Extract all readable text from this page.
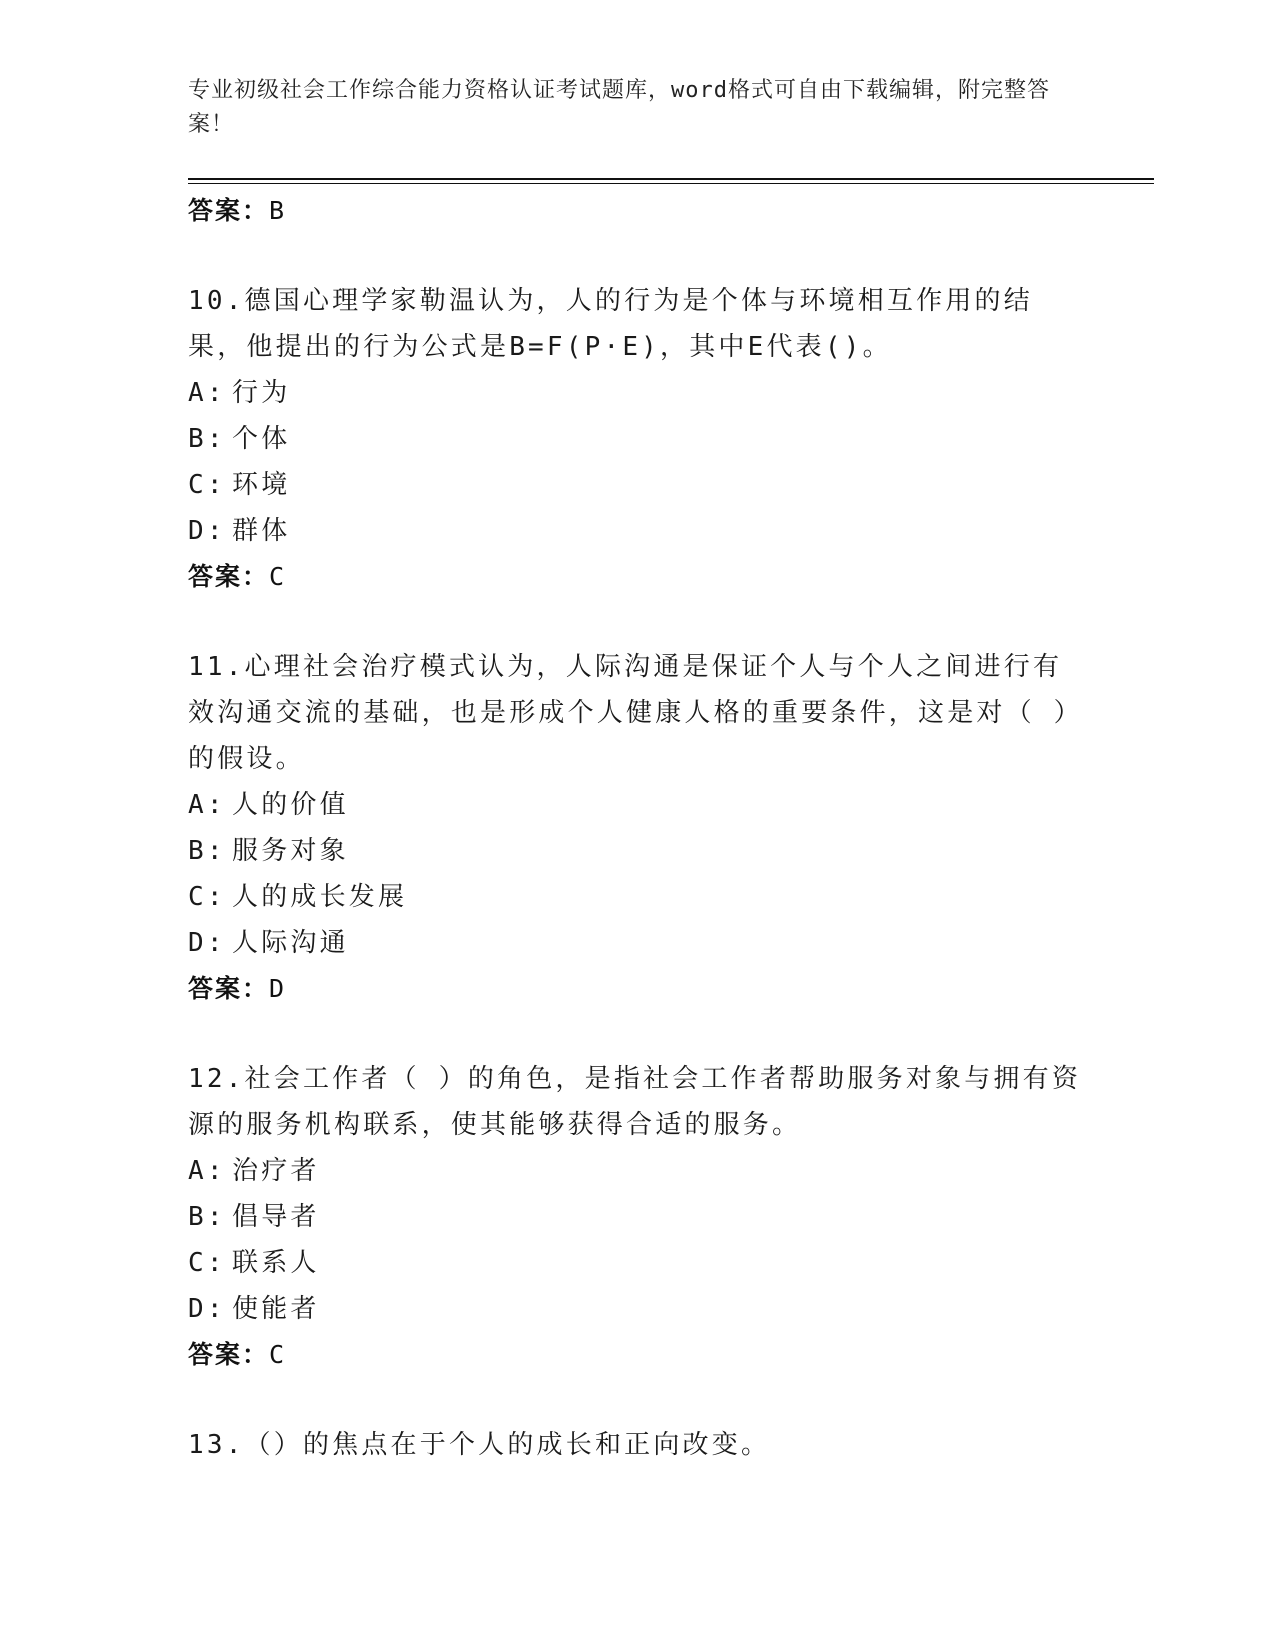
专业初级社会工作综合能力资格认证考试题库，word格式可自由下载编辑，附完整答案！
答案：B
10.德国心理学家勒温认为，人的行为是个体与环境相互作用的结果，他提出的行为公式是B=F(P·E)，其中E代表()。
A: 行为
B: 个体
C: 环境
D: 群体
答案：C
11.心理社会治疗模式认为，人际沟通是保证个人与个人之间进行有效沟通交流的基础，也是形成个人健康人格的重要条件，这是对（ ）的假设。
A: 人的价值
B: 服务对象
C: 人的成长发展
D: 人际沟通
答案：D
12.社会工作者（ ）的角色，是指社会工作者帮助服务对象与拥有资源的服务机构联系，使其能够获得合适的服务。
A: 治疗者
B: 倡导者
C: 联系人
D: 使能者
答案：C
13.（）的焦点在于个人的成长和正向改变。
